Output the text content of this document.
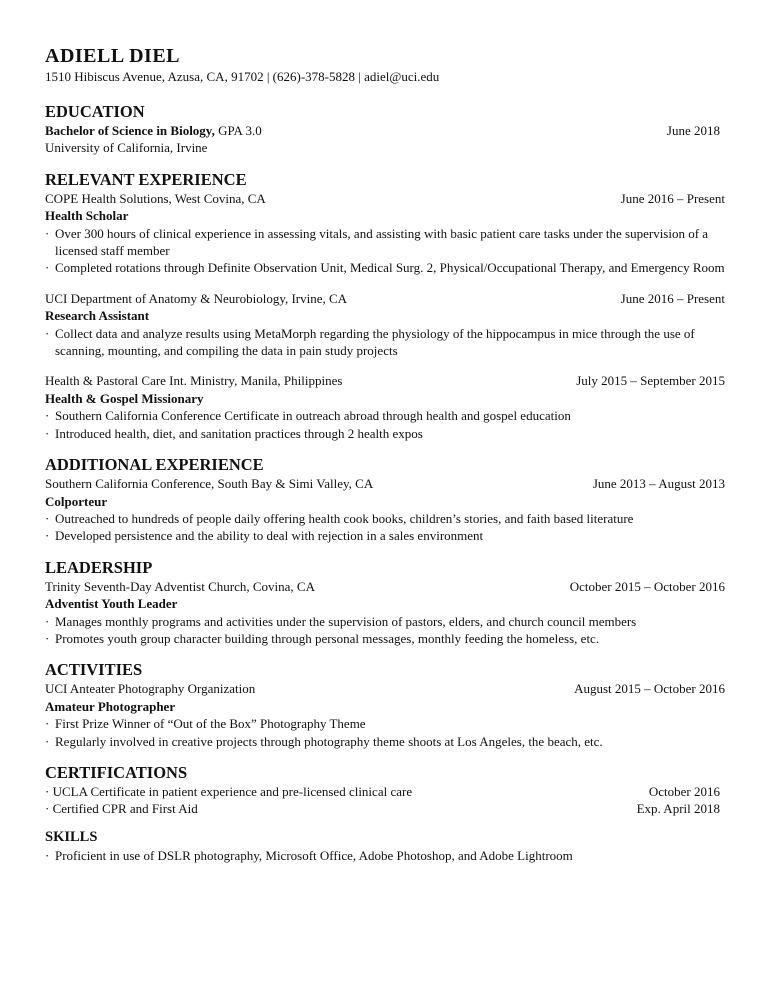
ADIELL DIEL

1510 Hibiscus Avenue, Azusa, CA, 91702 | (626)-378-5828 | adiel@uci.edu

EDUCATION
Bachelor of Science in Biology, GPA 3.0	June 2018
University of California, Irvine
RELEVANT EXPERIENCE
COPE Health Solutions, West Covina, CA	June 2016 – Present
Health Scholar
· Over 300 hours of clinical experience in assessing vitals, and assisting with basic patient care tasks under the supervision of a licensed staff member
· Completed rotations through Definite Observation Unit, Medical Surg. 2, Physical/Occupational Therapy, and Emergency Room
UCI Department of Anatomy & Neurobiology, Irvine, CA	June 2016 – Present
Research Assistant
· Collect data and analyze results using MetaMorph regarding the physiology of the hippocampus in mice through the use of scanning, mounting, and compiling the data in pain study projects
Health & Pastoral Care Int. Ministry, Manila, Philippines	July 2015 – September 2015
Health & Gospel Missionary
· Southern California Conference Certificate in outreach abroad through health and gospel education
· Introduced health, diet, and sanitation practices through 2 health expos
ADDITIONAL EXPERIENCE
Southern California Conference, South Bay & Simi Valley, CA	June 2013 – August 2013
Colporteur
· Outreached to hundreds of people daily offering health cook books, children’s stories, and faith based literature
· Developed persistence and the ability to deal with rejection in a sales environment
LEADERSHIP
Trinity Seventh-Day Adventist Church, Covina, CA	October 2015 – October 2016
Adventist Youth Leader
· Manages monthly programs and activities under the supervision of pastors, elders, and church council members
· Promotes youth group character building through personal messages, monthly feeding the homeless, etc.
ACTIVITIES
UCI Anteater Photography Organization	August 2015 – October 2016
Amateur Photographer
· First Prize Winner of “Out of the Box” Photography Theme
· Regularly involved in creative projects through photography theme shoots at Los Angeles, the beach, etc.
CERTIFICATIONS
· UCLA Certificate in patient experience and pre-licensed clinical care	October 2016
· Certified CPR and First Aid	Exp. April 2018
SKILLS
· Proficient in use of DSLR photography, Microsoft Office, Adobe Photoshop, and Adobe Lightroom
